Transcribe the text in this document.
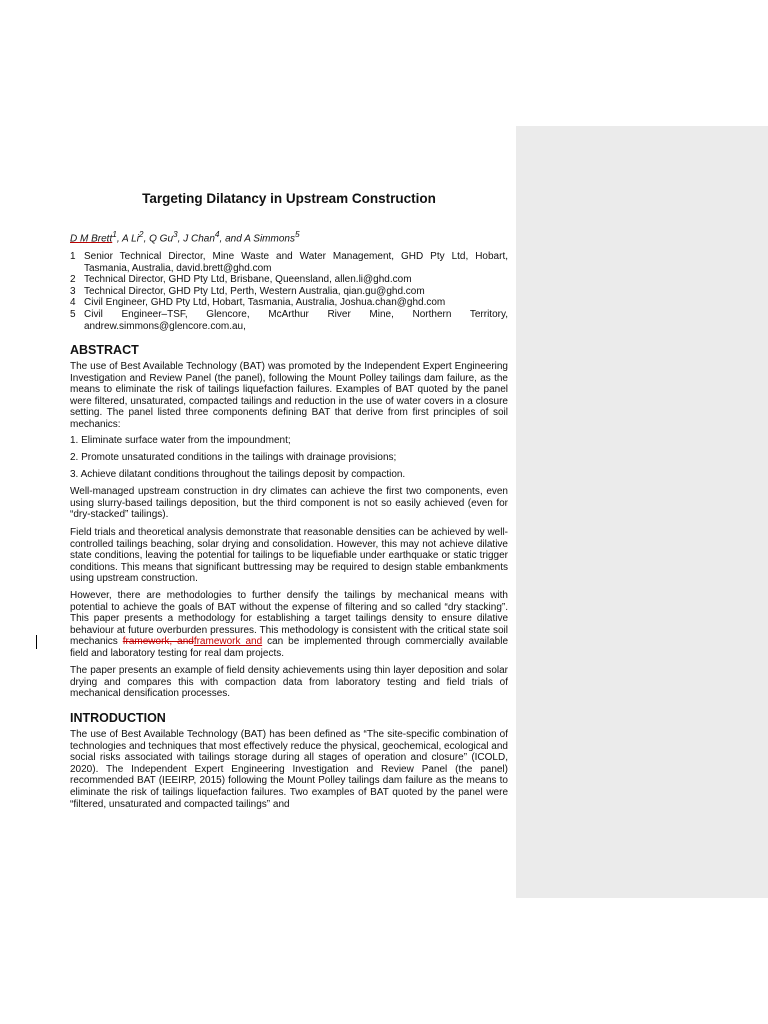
Targeting Dilatancy in Upstream Construction
D M Brett$^1$, A Li$^2$, Q Gu$^3$, J Chan$^4$, and A Simmons$^5$
1 Senior Technical Director, Mine Waste and Water Management, GHD Pty Ltd, Hobart, Tasmania, Australia, david.brett@ghd.com
2 Technical Director, GHD Pty Ltd, Brisbane, Queensland, allen.li@ghd.com
3 Technical Director, GHD Pty Ltd, Perth, Western Australia, qian.gu@ghd.com
4 Civil Engineer, GHD Pty Ltd, Hobart, Tasmania, Australia, Joshua.chan@ghd.com
5 Civil Engineer–TSF, Glencore, McArthur River Mine, Northern Territory,
andrew.simmons@glencore.com.au,
ABSTRACT
The use of Best Available Technology (BAT) was promoted by the Independent Expert Engineering Investigation and Review Panel (the panel), following the Mount Polley tailings dam failure, as the means to eliminate the risk of tailings liquefaction failures. Examples of BAT quoted by the panel were filtered, unsaturated, compacted tailings and reduction in the use of water covers in a closure setting. The panel listed three components defining BAT that derive from first principles of soil mechanics:
1. Eliminate surface water from the impoundment;
2. Promote unsaturated conditions in the tailings with drainage provisions;
3. Achieve dilatant conditions throughout the tailings deposit by compaction.
Well-managed upstream construction in dry climates can achieve the first two components, even using slurry-based tailings deposition, but the third component is not so easily achieved (even for “dry-stacked” tailings).
Field trials and theoretical analysis demonstrate that reasonable densities can be achieved by well-controlled tailings beaching, solar drying and consolidation. However, this may not achieve dilative state conditions, leaving the potential for tailings to be liquefiable under earthquake or static trigger conditions. This means that significant buttressing may be required to design stable embankments using upstream construction.
However, there are methodologies to further densify the tailings by mechanical means with potential to achieve the goals of BAT without the expense of filtering and so called “dry stacking”. This paper presents a methodology for establishing a target tailings density to ensure dilative behaviour at future overburden pressures. This methodology is consistent with the critical state soil mechanics framework, andframework and can be implemented through commercially available field and laboratory testing for real dam projects.
The paper presents an example of field density achievements using thin layer deposition and solar drying and compares this with compaction data from laboratory testing and field trials of mechanical densification processes.
INTRODUCTION
The use of Best Available Technology (BAT) has been defined as “The site-specific combination of technologies and techniques that most effectively reduce the physical, geochemical, ecological and social risks associated with tailings storage during all stages of operation and closure” (ICOLD, 2020). The Independent Expert Engineering Investigation and Review Panel (the panel) recommended BAT (IEEIRP, 2015) following the Mount Polley tailings dam failure as the means to eliminate the risk of tailings liquefaction failures. Two examples of BAT quoted by the panel were “filtered, unsaturated and compacted tailings” and
